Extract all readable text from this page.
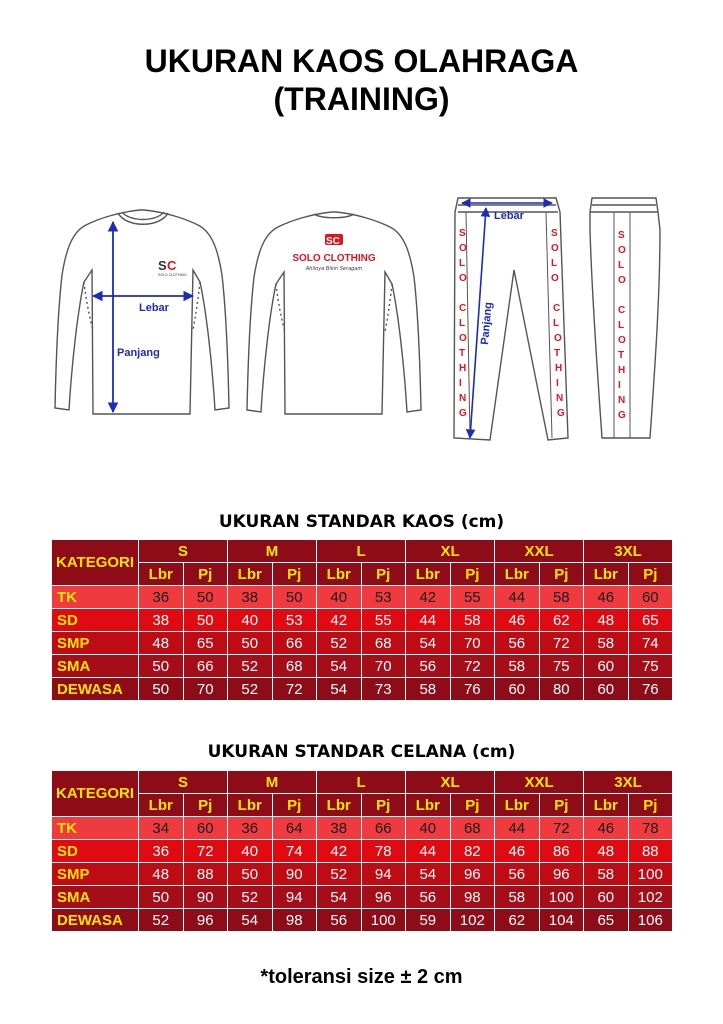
UKURAN KAOS OLAHRAGA
(TRAINING)
S C
SOLO CLOTHING
Lebar
Panjang
SC
SOLO CLOTHING
Ahlinya Bikin Seragam
S
O
L
O
C
L
O
T
H
I
N
G
S
O
L
O
C
L
O
T
H
I
N
G
Lebar
Panjang
S
O
L
O
C
L
O
T
H
I
N
G
UKURAN STANDAR KAOS (cm)
KATEGORI	S		M		L		XL		XXL		3XL	
	Lbr	Pj	Lbr	Pj	Lbr	Pj	Lbr	Pj	Lbr	Pj	Lbr	Pj
TK	36	50	38	50	40	53	42	55	44	58	46	60
SD	38	50	40	53	42	55	44	58	46	62	48	65
SMP	48	65	50	66	52	68	54	70	56	72	58	74
SMA	50	66	52	68	54	70	56	72	58	75	60	75
DEWASA	50	70	52	72	54	73	58	76	60	80	60	76
UKURAN STANDAR CELANA (cm)
KATEGORI	S		M		L		XL		XXL		3XL	
	Lbr	Pj	Lbr	Pj	Lbr	Pj	Lbr	Pj	Lbr	Pj	Lbr	Pj
TK	34	60	36	64	38	66	40	68	44	72	46	78
SD	36	72	40	74	42	78	44	82	46	86	48	88
SMP	48	88	50	90	52	94	54	96	56	96	58	100
SMA	50	90	52	94	54	96	56	98	58	100	60	102
DEWASA	52	96	54	98	56	100	59	102	62	104	65	106
*toleransi size ± 2 cm
